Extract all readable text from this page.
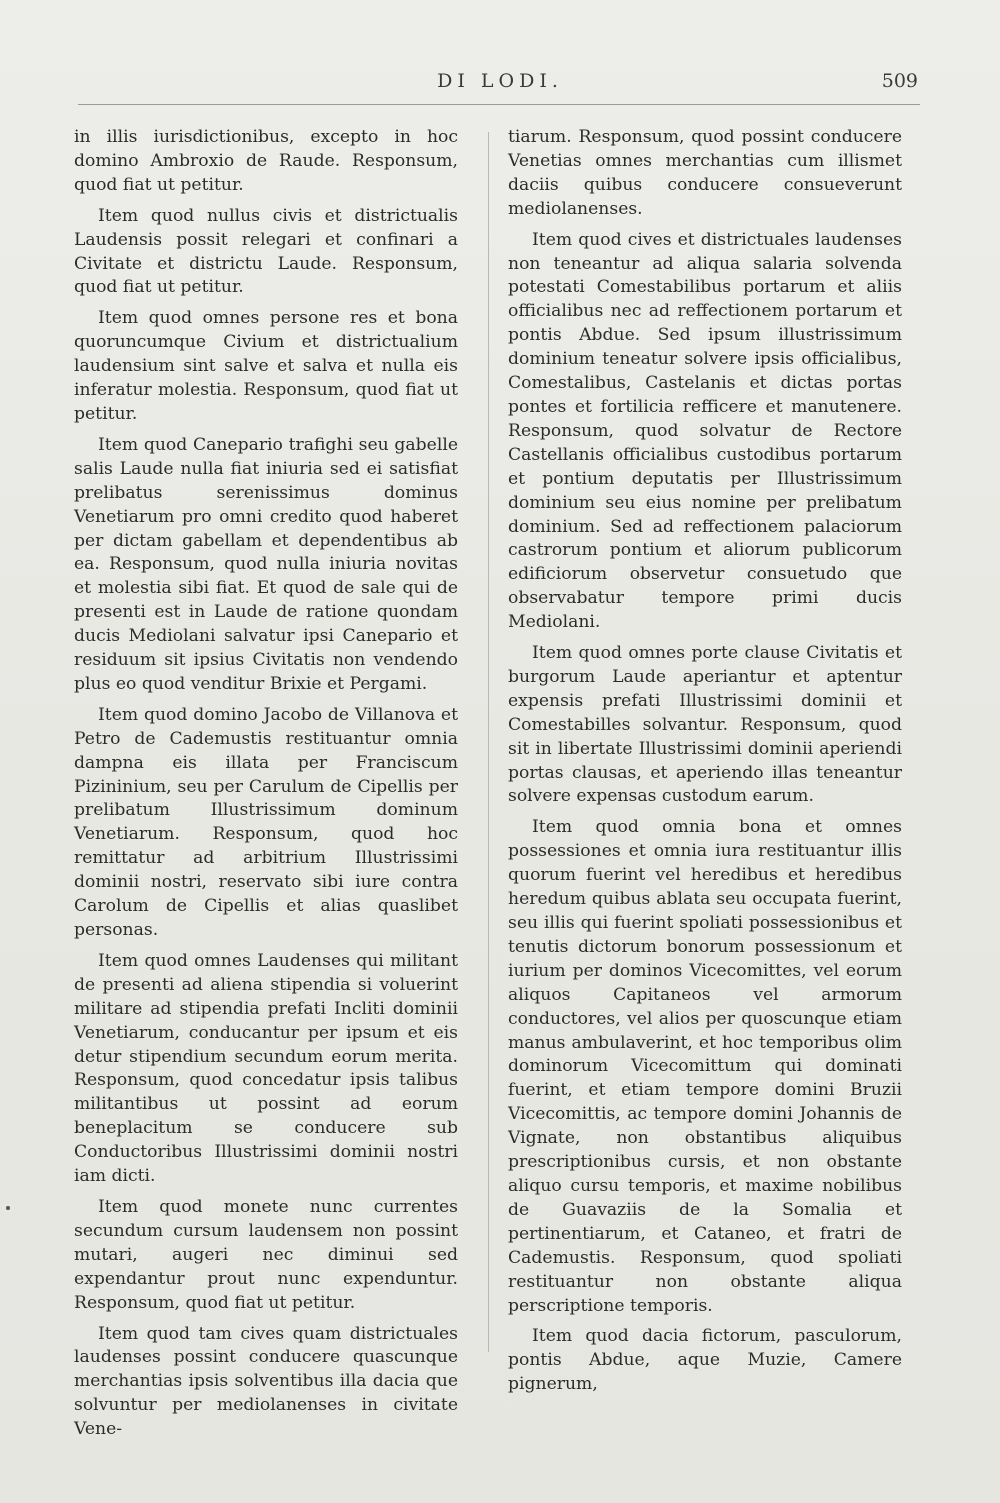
DI LODI.	509

in illis iurisdictionibus, excepto in hoc domino Ambroxio de Raude. Responsum, quod fiat ut petitur.

Item quod nullus civis et districtualis Laudensis possit relegari et confinari a Civitate et districtu Laude. Responsum, quod fiat ut petitur.

Item quod omnes persone res et bona quoruncumque Civium et districtualium laudensium sint salve et salva et nulla eis inferatur molestia. Responsum, quod fiat ut petitur.

Item quod Canepario trafighi seu gabelle salis Laude nulla fiat iniuria sed ei satisfiat prelibatus serenissimus dominus Venetiarum pro omni credito quod haberet per dictam gabellam et dependentibus ab ea. Responsum, quod nulla iniuria novitas et molestia sibi fiat. Et quod de sale qui de presenti est in Laude de ratione quondam ducis Mediolani salvatur ipsi Canepario et residuum sit ipsius Civitatis non vendendo plus eo quod venditur Brixie et Pergami.

Item quod domino Jacobo de Villanova et Petro de Cademustis restituantur omnia dampna eis illata per Franciscum Pizininium, seu per Carulum de Cipellis per prelibatum Illustrissimum dominum Venetiarum. Responsum, quod hoc remittatur ad arbitrium Illustrissimi dominii nostri, reservato sibi iure contra Carolum de Cipellis et alias quaslibet personas.

Item quod omnes Laudenses qui militant de presenti ad aliena stipendia si voluerint militare ad stipendia prefati Incliti dominii Venetiarum, conducantur per ipsum et eis detur stipendium secundum eorum merita. Responsum, quod concedatur ipsis talibus militantibus ut possint ad eorum beneplacitum se conducere sub Conductoribus Illustrissimi dominii nostri iam dicti.

Item quod monete nunc currentes secundum cursum laudensem non possint mutari, augeri nec diminui sed expendantur prout nunc expenduntur. Responsum, quod fiat ut petitur.

Item quod tam cives quam districtuales laudenses possint conducere quascunque merchantias ipsis solventibus illa dacia que solvuntur per mediolanenses in civitate Vene-

tiarum. Responsum, quod possint conducere Venetias omnes merchantias cum illismet daciis quibus conducere consueverunt mediolanenses.

Item quod cives et districtuales laudenses non teneantur ad aliqua salaria solvenda potestati Comestabilibus portarum et aliis officialibus nec ad reffectionem portarum et pontis Abdue. Sed ipsum illustrissimum dominium teneatur solvere ipsis officialibus, Comestalibus, Castelanis et dictas portas pontes et fortilicia refficere et manutenere. Responsum, quod solvatur de Rectore Castellanis officialibus custodibus portarum et pontium deputatis per Illustrissimum dominium seu eius nomine per prelibatum dominium. Sed ad reffectionem palaciorum castrorum pontium et aliorum publicorum edificiorum observetur consuetudo que observabatur tempore primi ducis Mediolani.

Item quod omnes porte clause Civitatis et burgorum Laude aperiantur et aptentur expensis prefati Illustrissimi dominii et Comestabilles solvantur. Responsum, quod sit in libertate Illustrissimi dominii aperiendi portas clausas, et aperiendo illas teneantur solvere expensas custodum earum.

Item quod omnia bona et omnes possessiones et omnia iura restituantur illis quorum fuerint vel heredibus et heredibus heredum quibus ablata seu occupata fuerint, seu illis qui fuerint spoliati possessionibus et tenutis dictorum bonorum possessionum et iurium per dominos Vicecomittes, vel eorum aliquos Capitaneos vel armorum conductores, vel alios per quoscunque etiam manus ambulaverint, et hoc temporibus olim dominorum Vicecomittum qui dominati fuerint, et etiam tempore domini Bruzii Vicecomittis, ac tempore domini Johannis de Vignate, non obstantibus aliquibus prescriptionibus cursis, et non obstante aliquo cursu temporis, et maxime nobilibus de Guavaziis de la Somalia et pertinentiarum, et Cataneo, et fratri de Cademustis. Responsum, quod spoliati restituantur non obstante aliqua perscriptione temporis.

Item quod dacia fictorum, pasculorum, pontis Abdue, aque Muzie, Camere pignerum,
